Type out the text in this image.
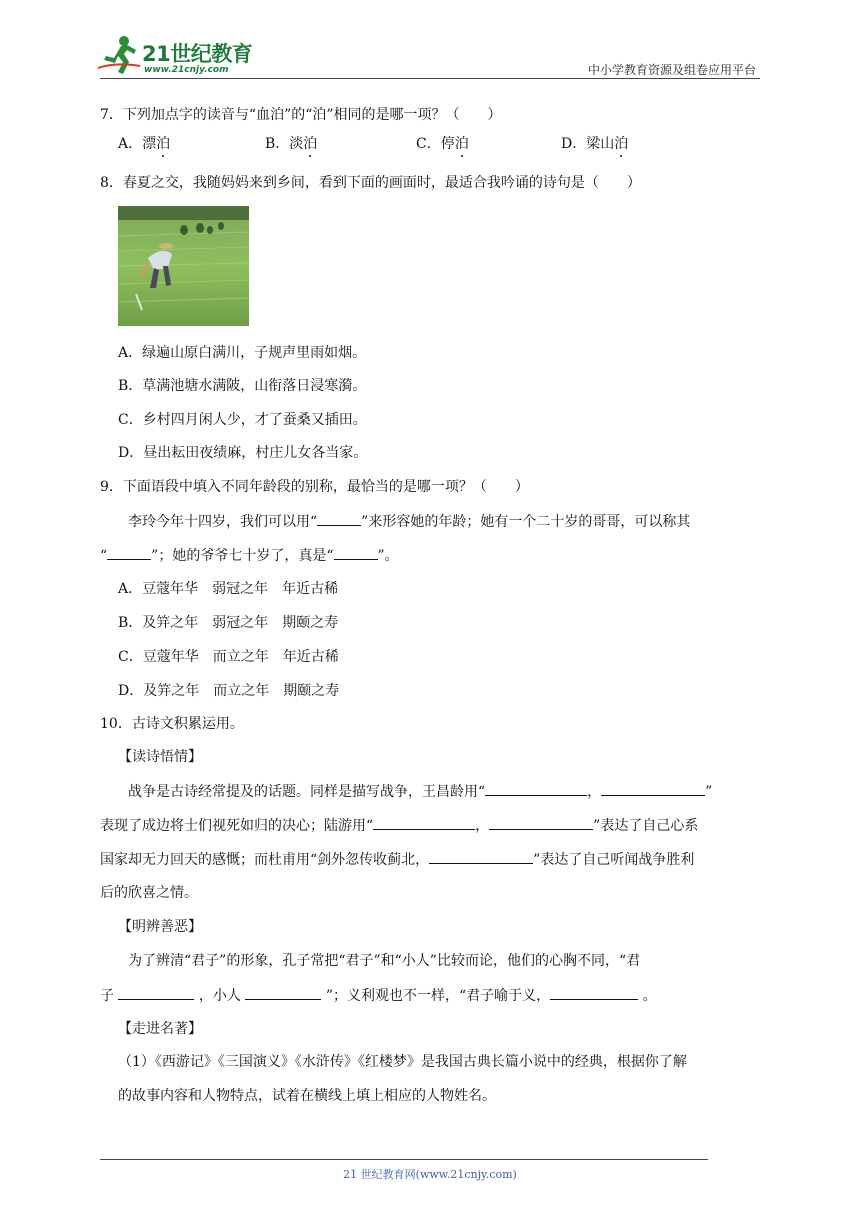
21世纪教育
www.21cnjy.com	中小学教育资源及组卷应用平台
7．下列加点字的读音与“血泊”的“泊”相同的是哪一项？（　　）
A．漂泊	B．淡泊	C．停泊	D．梁山泊
8．春夏之交，我随妈妈来到乡间，看到下面的画面时，最适合我吟诵的诗句是（　　）
A．绿遍山原白满川，子规声里雨如烟。
B．草满池塘水满陂，山衔落日浸寒漪。
C．乡村四月闲人少，才了蚕桑又插田。
D．昼出耘田夜绩麻，村庄儿女各当家。
9．下面语段中填入不同年龄段的别称，最恰当的是哪一项？（　　）
李玲今年十四岁，我们可以用“	”来形容她的年龄；她有一个二十岁的哥哥，可以称其
“	”；她的爷爷七十岁了，真是“	”。
A．豆蔻年华　弱冠之年　年近古稀
B．及笄之年　弱冠之年　期颐之寿
C．豆蔻年华　而立之年　年近古稀
D．及笄之年　而立之年　期颐之寿
10．古诗文积累运用。
【读诗悟情】
战争是古诗经常提及的话题。同样是描写战争，王昌龄用“	，	”
表现了成边将士们视死如归的决心；陆游用“	，	”表达了自己心系
国家却无力回天的感慨；而杜甫用“剑外忽传收蓟北，	”表达了自己听闻战争胜利
后的欣喜之情。
【明辨善恶】
为了辨清“君子”的形象，孔子常把“君子”和“小人”比较而论，他们的心胸不同，“君
子	，小人	”；义利观也不一样，“君子喻于义，	。
【走进名著】
（1）《西游记》《三国演义》《水浒传》《红楼梦》是我国古典长篇小说中的经典，根据你了解
的故事内容和人物特点，试着在横线上填上相应的人物姓名。
21 世纪教育网(www.21cnjy.com)
